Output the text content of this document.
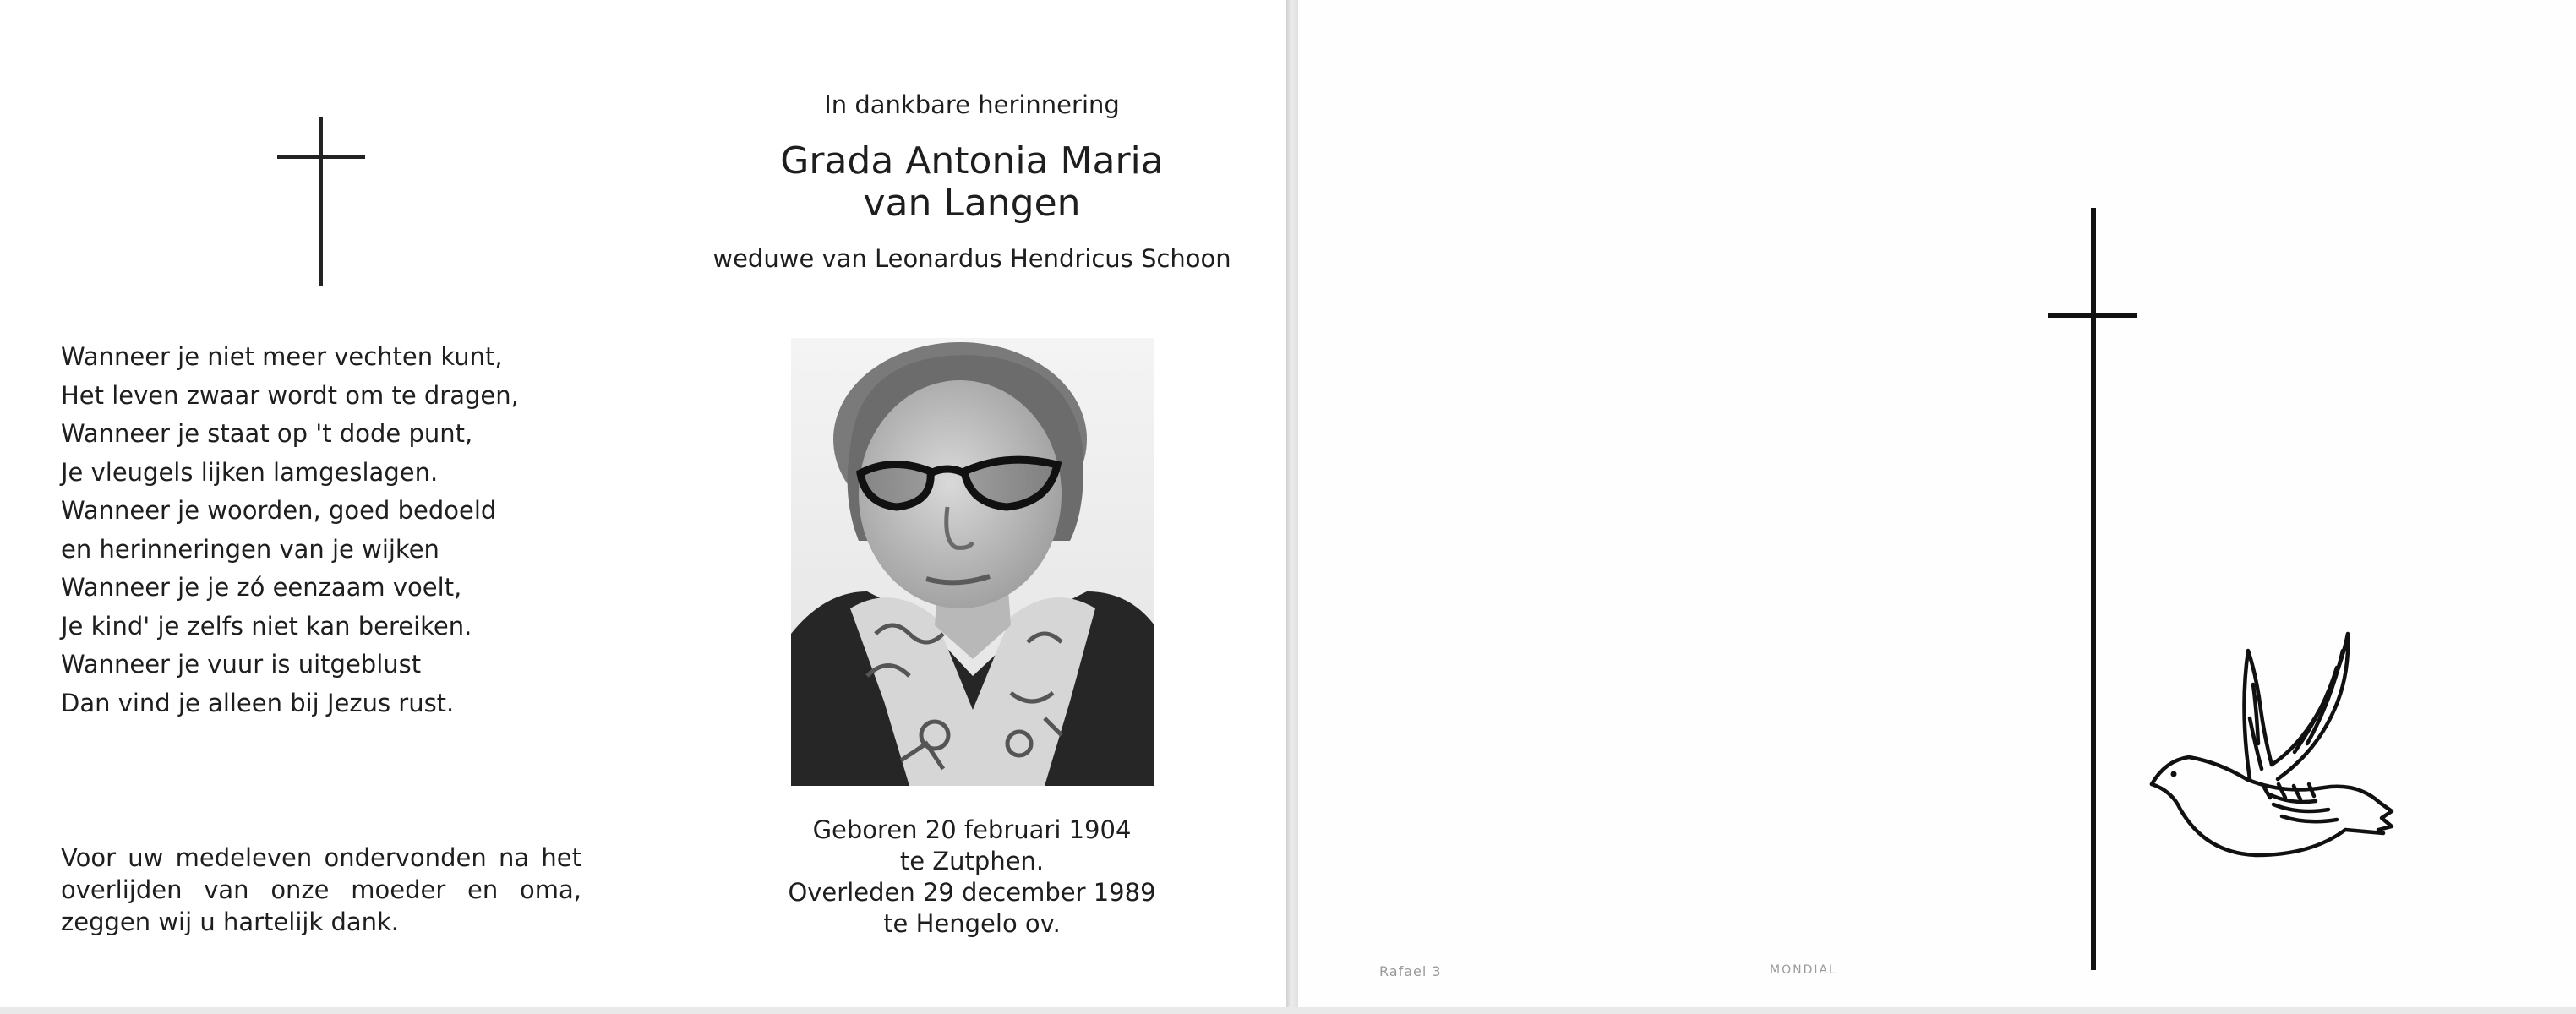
Wanneer je niet meer vechten kunt,
Het leven zwaar wordt om te dragen,
Wanneer je staat op 't dode punt,
Je vleugels lijken lamgeslagen.
Wanneer je woorden, goed bedoeld
en herinneringen van je wijken
Wanneer je je zó eenzaam voelt,
Je kind' je zelfs niet kan bereiken.
Wanneer je vuur is uitgeblust
Dan vind je alleen bij Jezus rust.
Voor uw medeleven ondervonden na het
overlijden van onze moeder en oma,
zeggen wij u hartelijk dank.
In dankbare herinnering
Grada Antonia Maria
van Langen
weduwe van Leonardus Hendricus Schoon
Geboren 20 februari 1904
te Zutphen.
Overleden 29 december 1989
te Hengelo ov.
Rafael 3	MONDIAL
